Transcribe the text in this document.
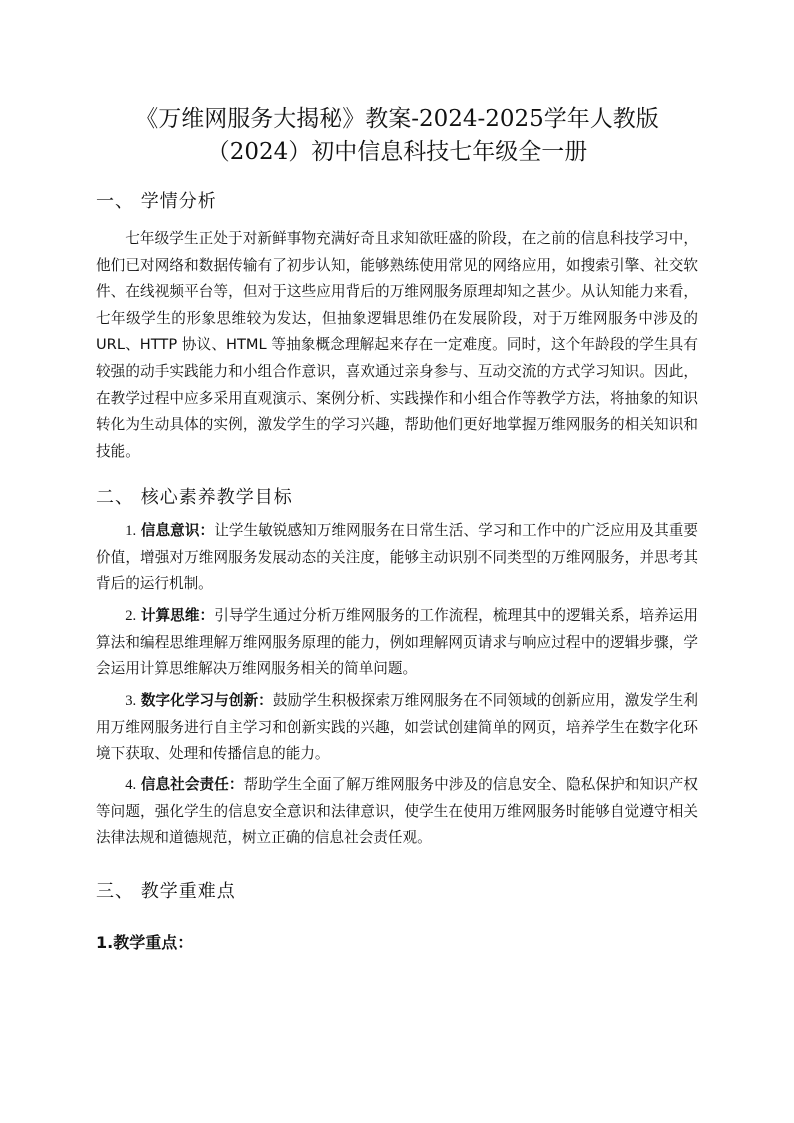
《万维网服务大揭秘》教案-2024-2025学年人教版（2024）初中信息科技七年级全一册
一、 学情分析

七年级学生正处于对新鲜事物充满好奇且求知欲旺盛的阶段，在之前的信息科技学习中，他们已对网络和数据传输有了初步认知，能够熟练使用常见的网络应用，如搜索引擎、社交软件、在线视频平台等，但对于这些应用背后的万维网服务原理却知之甚少。从认知能力来看，七年级学生的形象思维较为发达，但抽象逻辑思维仍在发展阶段，对于万维网服务中涉及的 URL、HTTP 协议、HTML 等抽象概念理解起来存在一定难度。同时，这个年龄段的学生具有较强的动手实践能力和小组合作意识，喜欢通过亲身参与、互动交流的方式学习知识。因此，在教学过程中应多采用直观演示、案例分析、实践操作和小组合作等教学方法，将抽象的知识转化为生动具体的实例，激发学生的学习兴趣，帮助他们更好地掌握万维网服务的相关知识和技能。

二、 核心素养教学目标

1. 信息意识：让学生敏锐感知万维网服务在日常生活、学习和工作中的广泛应用及其重要价值，增强对万维网服务发展动态的关注度，能够主动识别不同类型的万维网服务，并思考其背后的运行机制。

2. 计算思维：引导学生通过分析万维网服务的工作流程，梳理其中的逻辑关系，培养运用算法和编程思维理解万维网服务原理的能力，例如理解网页请求与响应过程中的逻辑步骤，学会运用计算思维解决万维网服务相关的简单问题。

3. 数字化学习与创新：鼓励学生积极探索万维网服务在不同领域的创新应用，激发学生利用万维网服务进行自主学习和创新实践的兴趣，如尝试创建简单的网页，培养学生在数字化环境下获取、处理和传播信息的能力。

4. 信息社会责任：帮助学生全面了解万维网服务中涉及的信息安全、隐私保护和知识产权等问题，强化学生的信息安全意识和法律意识，使学生在使用万维网服务时能够自觉遵守相关法律法规和道德规范，树立正确的信息社会责任观。

三、 教学重难点
1.教学重点：
